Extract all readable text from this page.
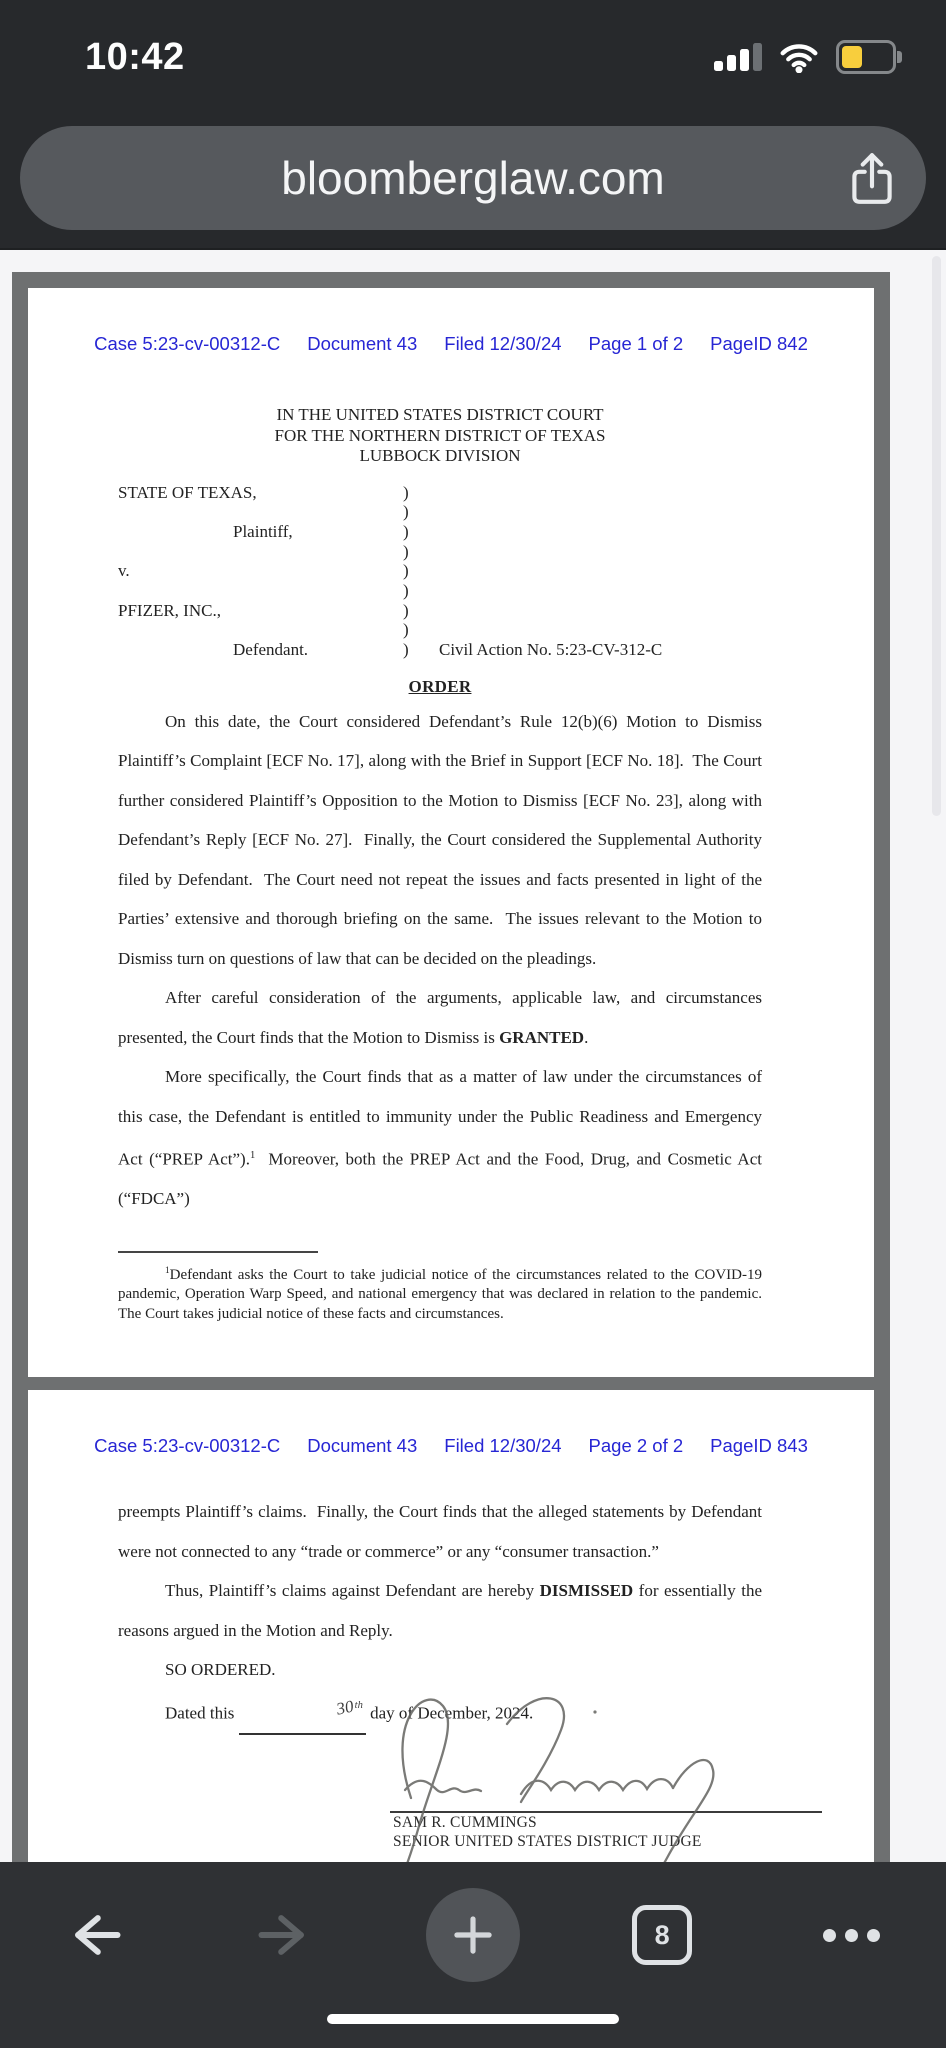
10:42
bloomberglaw.com
Case 5:23-cv-00312-C Document 43 Filed 12/30/24 Page 1 of 2 PageID 842
IN THE UNITED STATES DISTRICT COURT
FOR THE NORTHERN DISTRICT OF TEXAS
LUBBOCK DIVISION
STATE OF TEXAS,
Plaintiff,
v.
PFIZER, INC.,
Defendant.
)
)
)
)
)
)
)
)
)	Civil Action No. 5:23-CV-312-C
ORDER

On this date, the Court considered Defendant’s Rule 12(b)(6) Motion to Dismiss Plaintiff’s Complaint [ECF No. 17], along with the Brief in Support [ECF No. 18].  The Court further considered Plaintiff’s Opposition to the Motion to Dismiss [ECF No. 23], along with Defendant’s Reply [ECF No. 27].  Finally, the Court considered the Supplemental Authority filed by Defendant.  The Court need not repeat the issues and facts presented in light of the Parties’ extensive and thorough briefing on the same.  The issues relevant to the Motion to Dismiss turn on questions of law that can be decided on the pleadings.

After careful consideration of the arguments, applicable law, and circumstances presented, the Court finds that the Motion to Dismiss is GRANTED.

More specifically, the Court finds that as a matter of law under the circumstances of this case, the Defendant is entitled to immunity under the Public Readiness and Emergency Act (“PREP Act”).$^1$  Moreover, both the PREP Act and the Food, Drug, and Cosmetic Act (“FDCA”)

$^1$Defendant asks the Court to take judicial notice of the circumstances related to the COVID-19 pandemic, Operation Warp Speed, and national emergency that was declared in relation to the pandemic. The Court takes judicial notice of these facts and circumstances.
Case 5:23-cv-00312-C Document 43 Filed 12/30/24 Page 2 of 2 PageID 843

preempts Plaintiff’s claims.  Finally, the Court finds that the alleged statements by Defendant were not connected to any “trade or commerce” or any “consumer transaction.”

Thus, Plaintiff’s claims against Defendant are hereby DISMISSED for essentially the reasons argued in the Motion and Reply.

SO ORDERED.

Dated this	30th day of December, 2024.

SAM R. CUMMINGS
SENIOR UNITED STATES DISTRICT JUDGE
8
